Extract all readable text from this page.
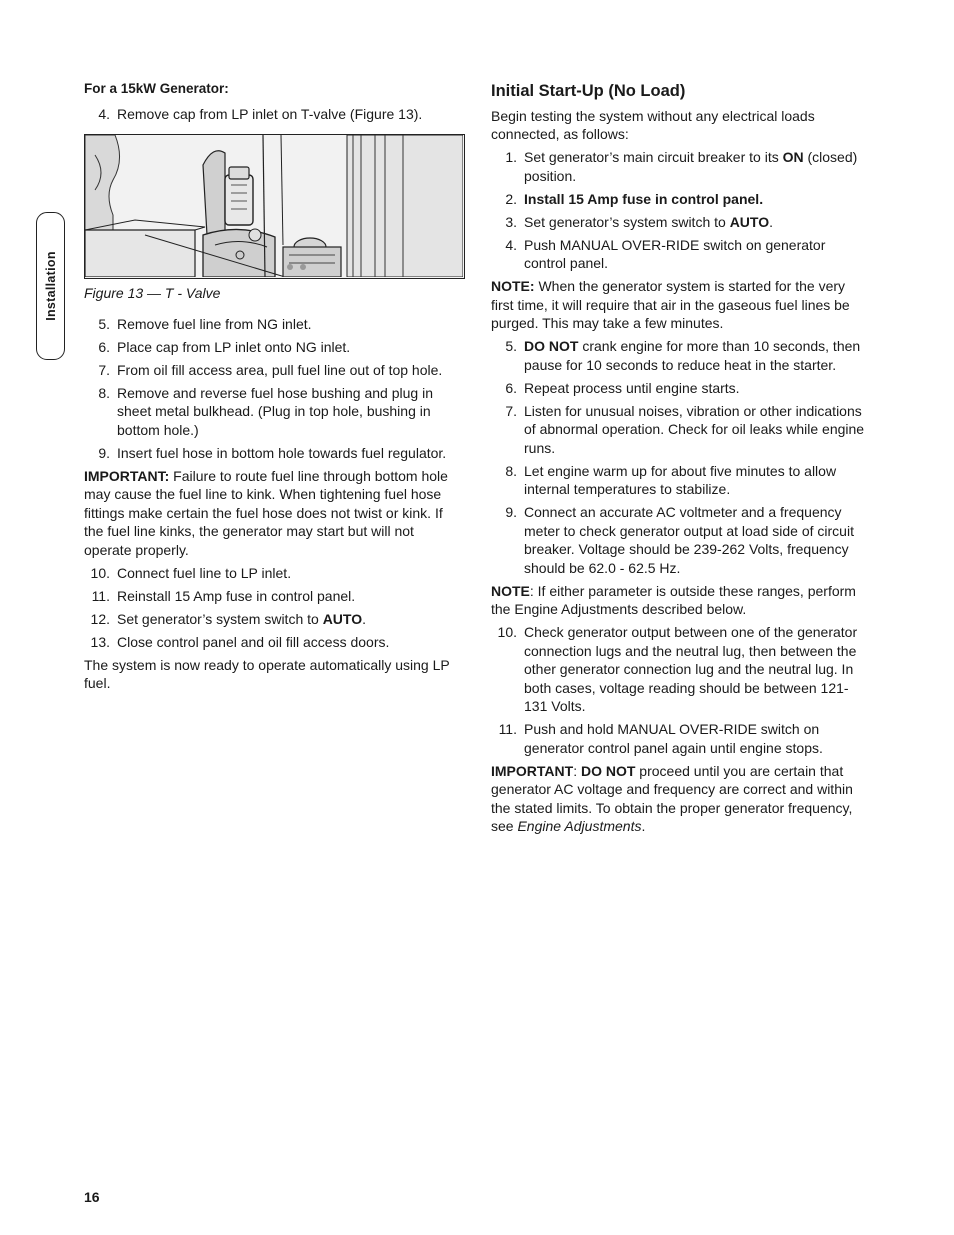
Installation
For a 15kW Generator:
4. Remove cap from LP inlet on T-valve (Figure 13).
Figure 13 — T - Valve
5. Remove fuel line from NG inlet.
6. Place cap from LP inlet onto NG inlet.
7. From oil fill access area, pull fuel line out of top hole.
8. Remove and reverse fuel hose bushing and plug in sheet metal bulkhead. (Plug in top hole, bushing in bottom hole.)
9. Insert fuel hose in bottom hole towards fuel regulator.
IMPORTANT: Failure to route fuel line through bottom hole may cause the fuel line to kink. When tightening fuel hose fittings make certain the fuel hose does not twist or kink. If the fuel line kinks, the generator may start but will not operate properly.
10. Connect fuel line to LP inlet.
11. Reinstall 15 Amp fuse in control panel.
12. Set generator’s system switch to AUTO.
13. Close control panel and oil fill access doors.
The system is now ready to operate automatically using LP fuel.
Initial Start-Up (No Load)
Begin testing the system without any electrical loads connected, as follows:
1. Set generator’s main circuit breaker to its ON (closed) position.
2. Install 15 Amp fuse in control panel.
3. Set generator’s system switch to AUTO.
4. Push MANUAL OVER-RIDE switch on generator control panel.
NOTE: When the generator system is started for the very first time, it will require that air in the gaseous fuel lines be purged. This may take a few minutes.
5. DO NOT crank engine for more than 10 seconds, then pause for 10 seconds to reduce heat in the starter.
6. Repeat process until engine starts.
7. Listen for unusual noises, vibration or other indications of abnormal operation. Check for oil leaks while engine runs.
8. Let engine warm up for about five minutes to allow internal temperatures to stabilize.
9. Connect an accurate AC voltmeter and a frequency meter to check generator output at load side of circuit breaker. Voltage should be 239-262 Volts, frequency should be 62.0 - 62.5 Hz.
NOTE: If either parameter is outside these ranges, perform the Engine Adjustments described below.
10. Check generator output between one of the generator connection lugs and the neutral lug, then between the other generator connection lug and the neutral lug. In both cases, voltage reading should be between 121-131 Volts.
11. Push and hold MANUAL OVER-RIDE switch on generator control panel again until engine stops.
IMPORTANT: DO NOT proceed until you are certain that generator AC voltage and frequency are correct and within the stated limits. To obtain the proper generator frequency, see Engine Adjustments.
16
